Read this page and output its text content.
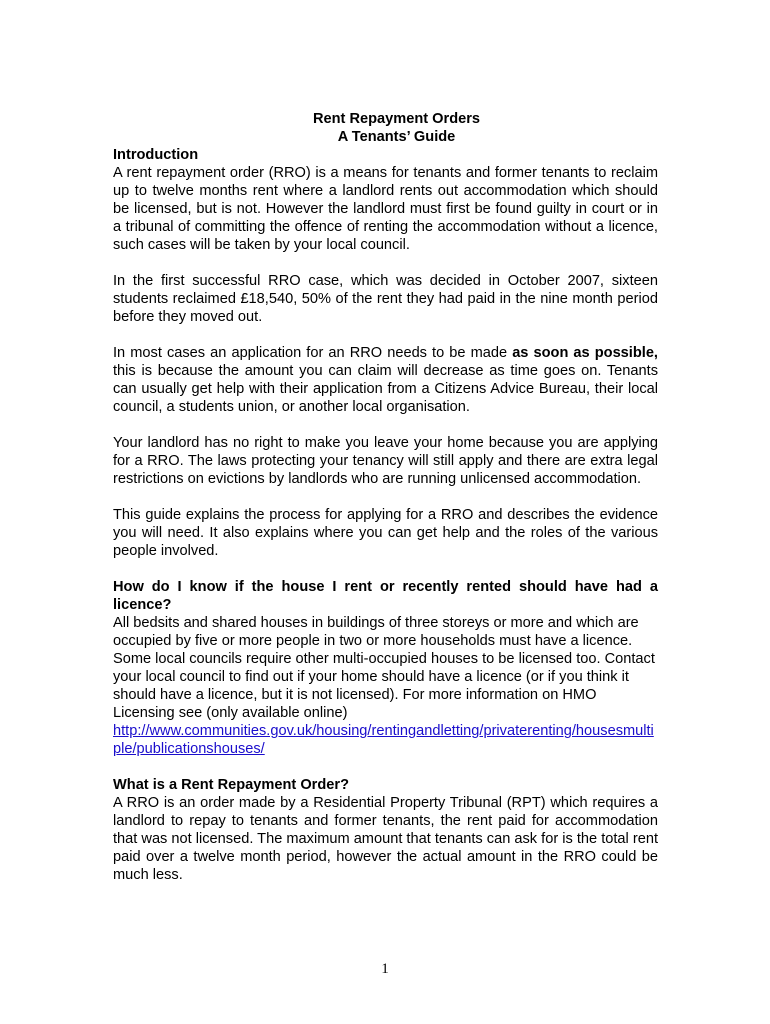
Rent Repayment Orders
A Tenants’ Guide
Introduction

A rent repayment order (RRO) is a means for tenants and former tenants to reclaim up to twelve months rent where a landlord rents out accommodation which should be licensed, but is not. However the landlord must first be found guilty in court or in a tribunal of committing the offence of renting the accommodation without a licence, such cases will be taken by your local council.

In the first successful RRO case, which was decided in October 2007, sixteen students reclaimed £18,540, 50% of the rent they had paid in the nine month period before they moved out.

In most cases an application for an RRO needs to be made as soon as possible, this is because the amount you can claim will decrease as time goes on. Tenants can usually get help with their application from a Citizens Advice Bureau, their local council, a students union, or another local organisation.

Your landlord has no right to make you leave your home because you are applying for a RRO. The laws protecting your tenancy will still apply and there are extra legal restrictions on evictions by landlords who are running unlicensed accommodation.

This guide explains the process for applying for a RRO and describes the evidence you will need. It also explains where you can get help and the roles of the various people involved.

How do I know if the house I rent or recently rented should have had a licence?

All bedsits and shared houses in buildings of three storeys or more and which are occupied by five or more people in two or more households must have a licence. Some local councils require other multi-occupied houses to be licensed too. Contact your local council to find out if your home should have a licence (or if you think it should have a licence, but it is not licensed). For more information on HMO Licensing see (only available online)

http://www.communities.gov.uk/housing/rentingandletting/privaterenting/housesmultiple/publicationshouses/
What is a Rent Repayment Order?

A RRO is an order made by a Residential Property Tribunal (RPT) which requires a landlord to repay to tenants and former tenants, the rent paid for accommodation that was not licensed. The maximum amount that tenants can ask for is the total rent paid over a twelve month period, however the actual amount in the RRO could be much less.

1
